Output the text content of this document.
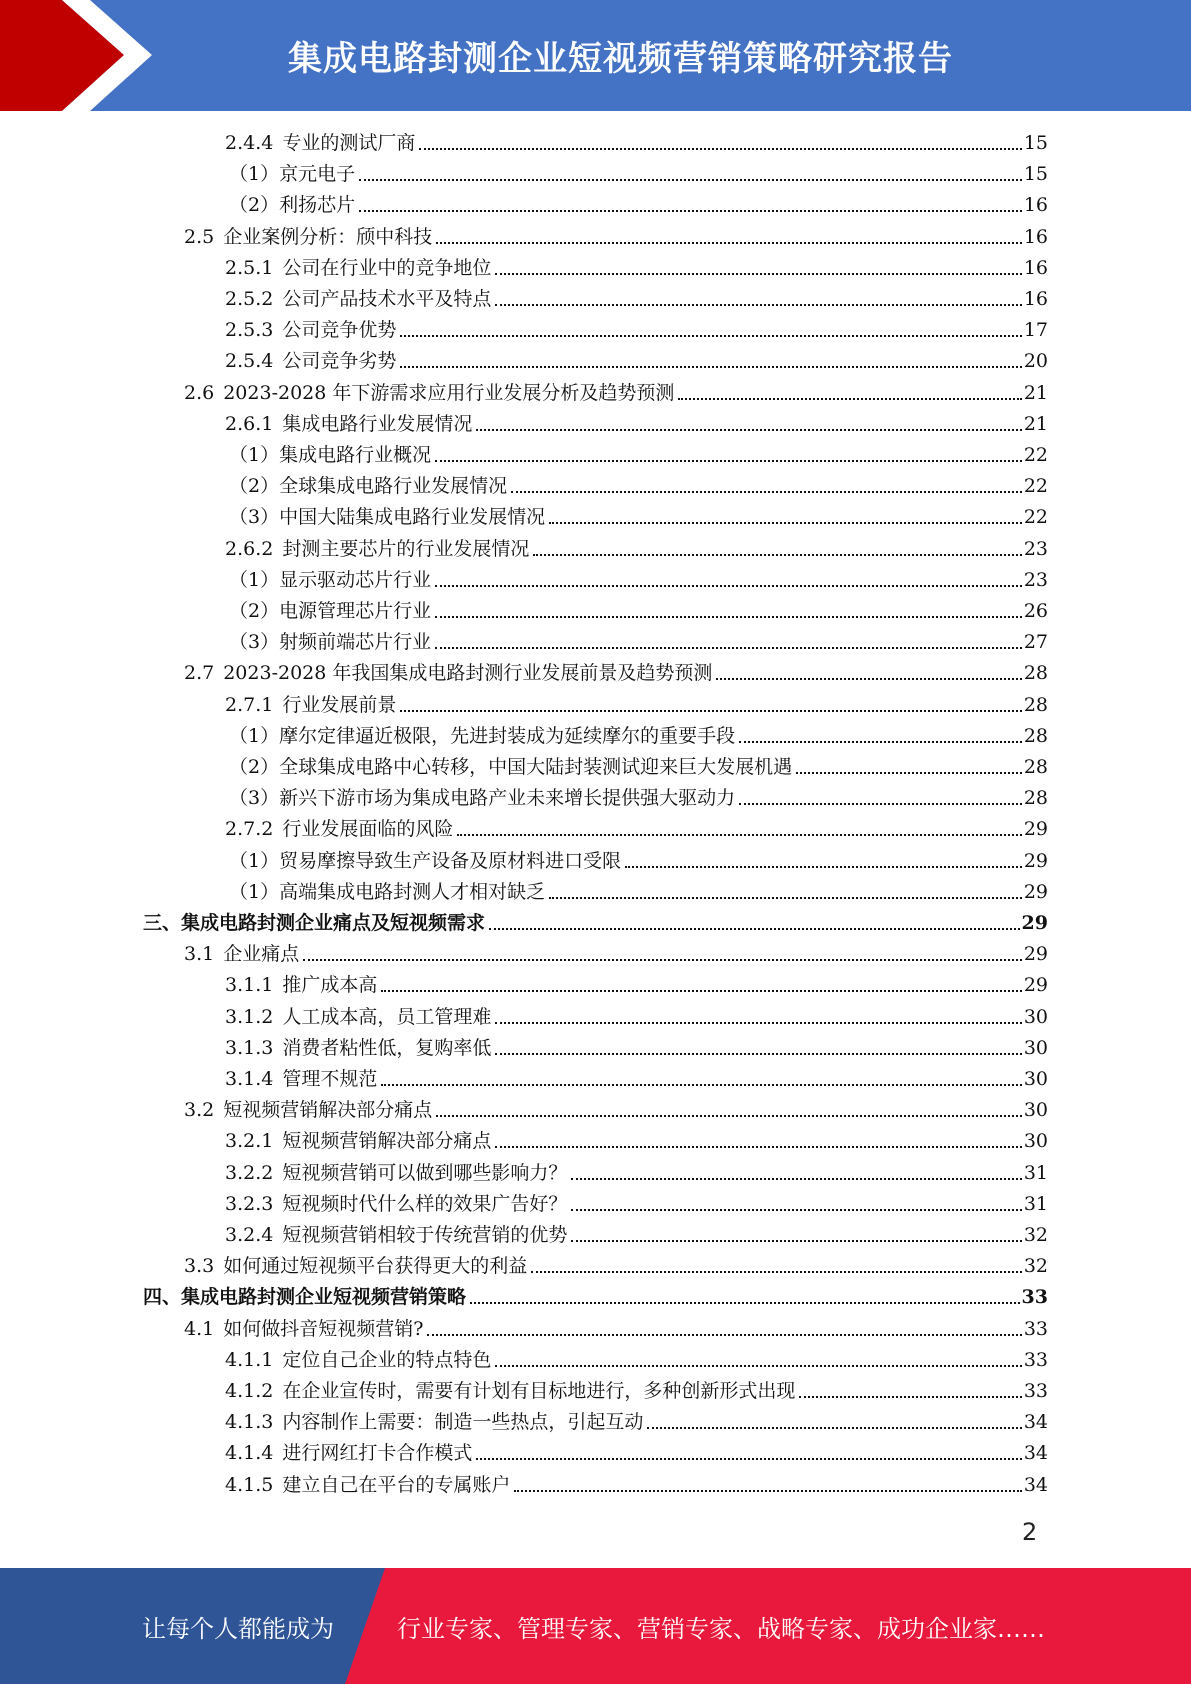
集成电路封测企业短视频营销策略研究报告
2.4.4 专业的测试厂商	15
（1）京元电子	15
（2）利扬芯片	16
2.5 企业案例分析：颀中科技	16
2.5.1 公司在行业中的竞争地位	16
2.5.2 公司产品技术水平及特点	16
2.5.3 公司竞争优势	17
2.5.4 公司竞争劣势	20
2.6 2023-2028 年下游需求应用行业发展分析及趋势预测	21
2.6.1 集成电路行业发展情况	21
（1）集成电路行业概况	22
（2）全球集成电路行业发展情况	22
（3）中国大陆集成电路行业发展情况	22
2.6.2 封测主要芯片的行业发展情况	23
（1）显示驱动芯片行业	23
（2）电源管理芯片行业	26
（3）射频前端芯片行业	27
2.7 2023-2028 年我国集成电路封测行业发展前景及趋势预测	28
2.7.1 行业发展前景	28
（1）摩尔定律逼近极限，先进封装成为延续摩尔的重要手段	28
（2）全球集成电路中心转移，中国大陆封装测试迎来巨大发展机遇	28
（3）新兴下游市场为集成电路产业未来增长提供强大驱动力	28
2.7.2 行业发展面临的风险	29
（1）贸易摩擦导致生产设备及原材料进口受限	29
（1）高端集成电路封测人才相对缺乏	29
三、集成电路封测企业痛点及短视频需求	29
3.1 企业痛点	29
3.1.1 推广成本高	29
3.1.2 人工成本高，员工管理难	30
3.1.3 消费者粘性低，复购率低	30
3.1.4 管理不规范	30
3.2 短视频营销解决部分痛点	30
3.2.1 短视频营销解决部分痛点	30
3.2.2 短视频营销可以做到哪些影响力？	31
3.2.3 短视频时代什么样的效果广告好？	31
3.2.4 短视频营销相较于传统营销的优势	32
3.3 如何通过短视频平台获得更大的利益	32
四、集成电路封测企业短视频营销策略	33
4.1 如何做抖音短视频营销?	33
4.1.1 定位自己企业的特点特色	33
4.1.2 在企业宣传时，需要有计划有目标地进行，多种创新形式出现	33
4.1.3 内容制作上需要：制造一些热点，引起互动	34
4.1.4 进行网红打卡合作模式	34
4.1.5 建立自己在平台的专属账户	34
2
让每个人都能成为	行业专家、管理专家、营销专家、战略专家、成功企业家……
